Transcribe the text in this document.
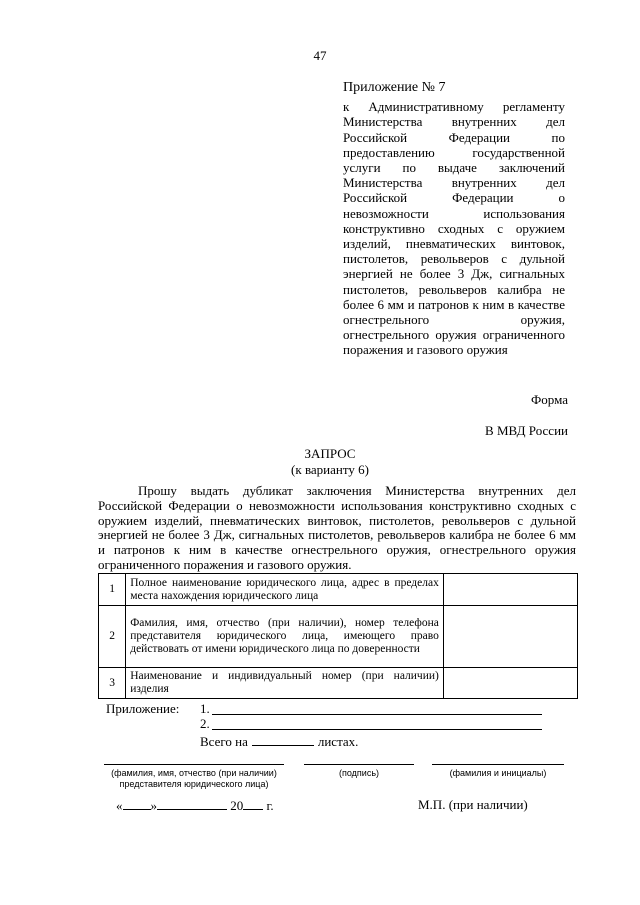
47
Приложение № 7
к Административному регламенту Министерства внутренних дел Российской Федерации по предоставлению государственной услуги по выдаче заключений Министерства внутренних дел Российской Федерации о невозможности использования конструктивно сходных с оружием изделий, пневматических винтовок, пистолетов, револьверов с дульной энергией не более 3 Дж, сигнальных пистолетов, револьверов калибра не более 6 мм и патронов к ним в качестве огнестрельного оружия, огнестрельного оружия ограниченного поражения и газового оружия
Форма
В МВД России
ЗАПРОС
(к варианту 6)
Прошу выдать дубликат заключения Министерства внутренних дел Российской Федерации о невозможности использования конструктивно сходных с оружием изделий, пневматических винтовок, пистолетов, револьверов с дульной энергией не более 3 Дж, сигнальных пистолетов, револьверов калибра не более 6 мм и патронов к ним в качестве огнестрельного оружия, огнестрельного оружия ограниченного поражения и газового оружия.
1	Полное наименование юридического лица, адрес в пределах места нахождения юридического лица	
2	Фамилия, имя, отчество (при наличии), номер телефона представителя юридического лица, имеющего право действовать от имени юридического лица по доверенности	
3	Наименование и индивидуальный номер (при наличии) изделия	
Приложение: 1.
2.
Всего на	листах.
(фамилия, имя, отчество (при наличии) представителя юридического лица)
(подпись)	(фамилия и инициалы)
« »	20 г.	М.П. (при наличии)
